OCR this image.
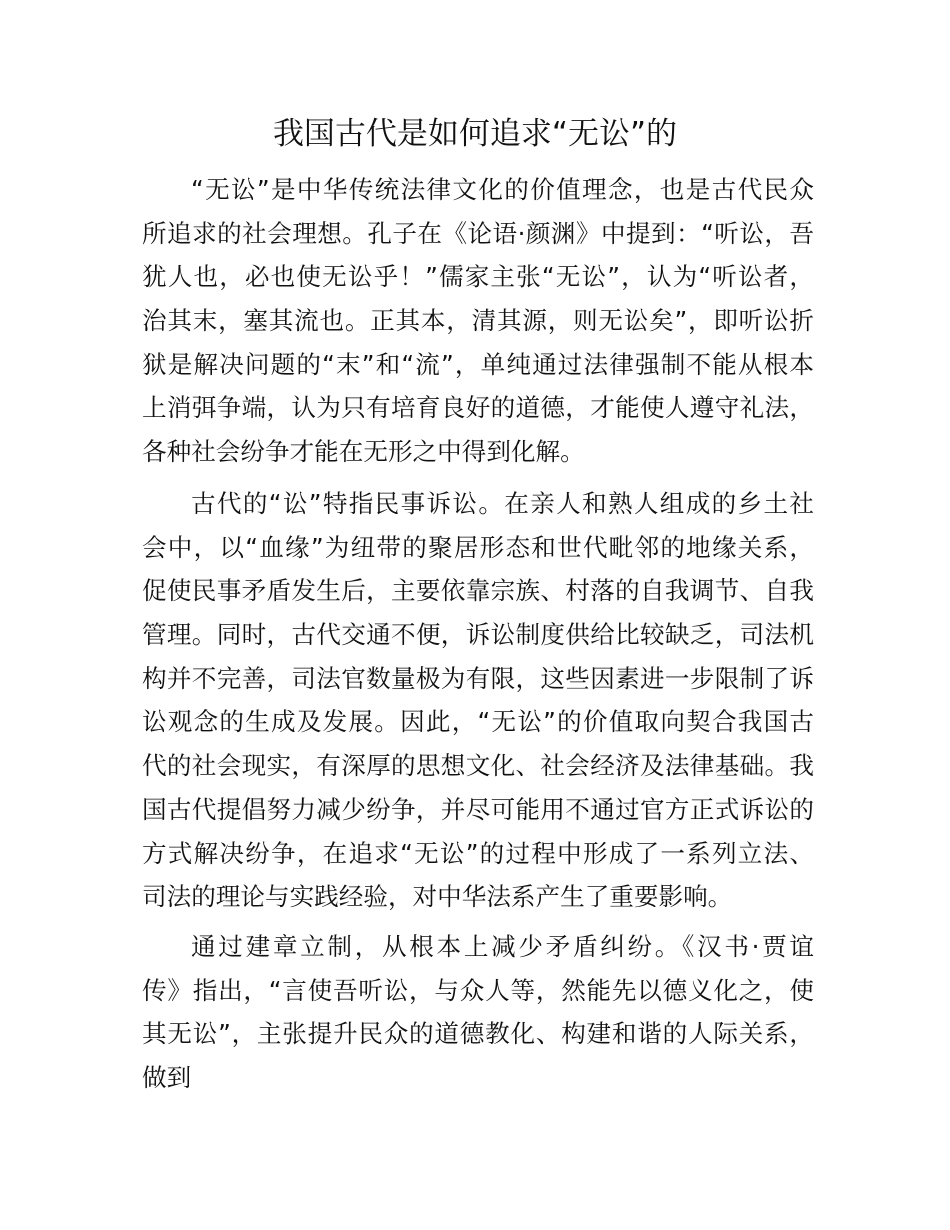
我国古代是如何追求“无讼”的
“无讼”是中华传统法律文化的价值理念，也是古代民众
所追求的社会理想。孔子在《论语·颜渊》中提到：“听讼，吾
犹人也，必也使无讼乎！”儒家主张“无讼”，认为“听讼者，
治其末，塞其流也。正其本，清其源，则无讼矣”，即听讼折
狱是解决问题的“末”和“流”，单纯通过法律强制不能从根本
上消弭争端，认为只有培育良好的道德，才能使人遵守礼法，
各种社会纷争才能在无形之中得到化解。
古代的“讼”特指民事诉讼。在亲人和熟人组成的乡土社
会中，以“血缘”为纽带的聚居形态和世代毗邻的地缘关系，
促使民事矛盾发生后，主要依靠宗族、村落的自我调节、自我
管理。同时，古代交通不便，诉讼制度供给比较缺乏，司法机
构并不完善，司法官数量极为有限，这些因素进一步限制了诉
讼观念的生成及发展。因此，“无讼”的价值取向契合我国古
代的社会现实，有深厚的思想文化、社会经济及法律基础。我
国古代提倡努力减少纷争，并尽可能用不通过官方正式诉讼的
方式解决纷争，在追求“无讼”的过程中形成了一系列立法、
司法的理论与实践经验，对中华法系产生了重要影响。
通过建章立制，从根本上减少矛盾纠纷。《汉书·贾谊
传》指出，“言使吾听讼，与众人等，然能先以德义化之，使
其无讼”，主张提升民众的道德教化、构建和谐的人际关系，
做到
